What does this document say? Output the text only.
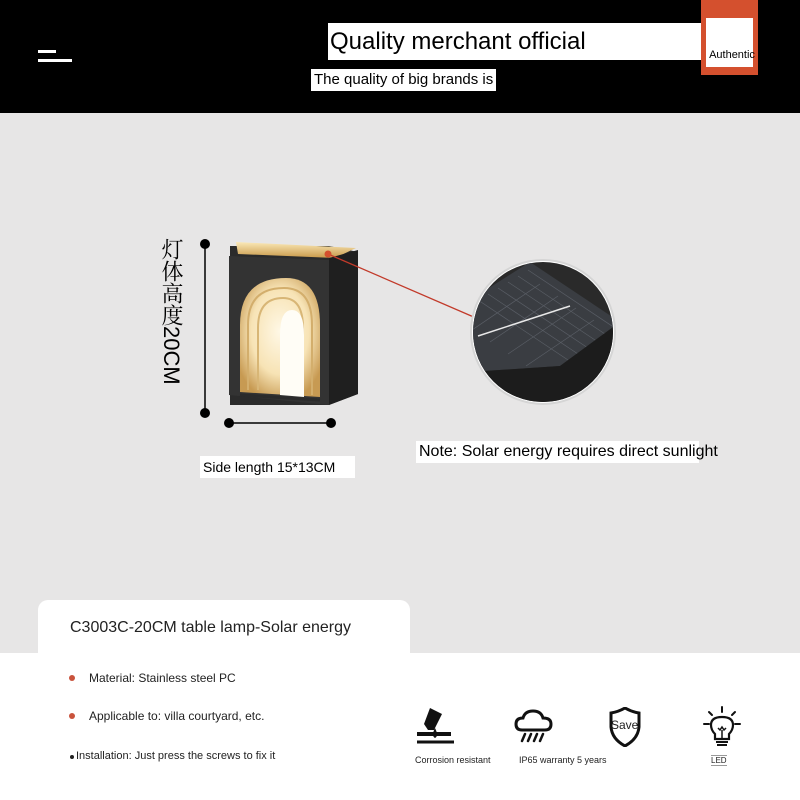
Quality merchant official	Authentic
The quality of big brands is
灯体高度20CM
Side length 15*13CM
Note: Solar energy requires direct sunlight
C3003C-20CM table lamp-Solar energy
Material: Stainless steel PC
Applicable to: villa courtyard, etc.
Installation: Just press the screws to fix it	Corrosion resistant	IP65 warranty 5 years
Save
LED
